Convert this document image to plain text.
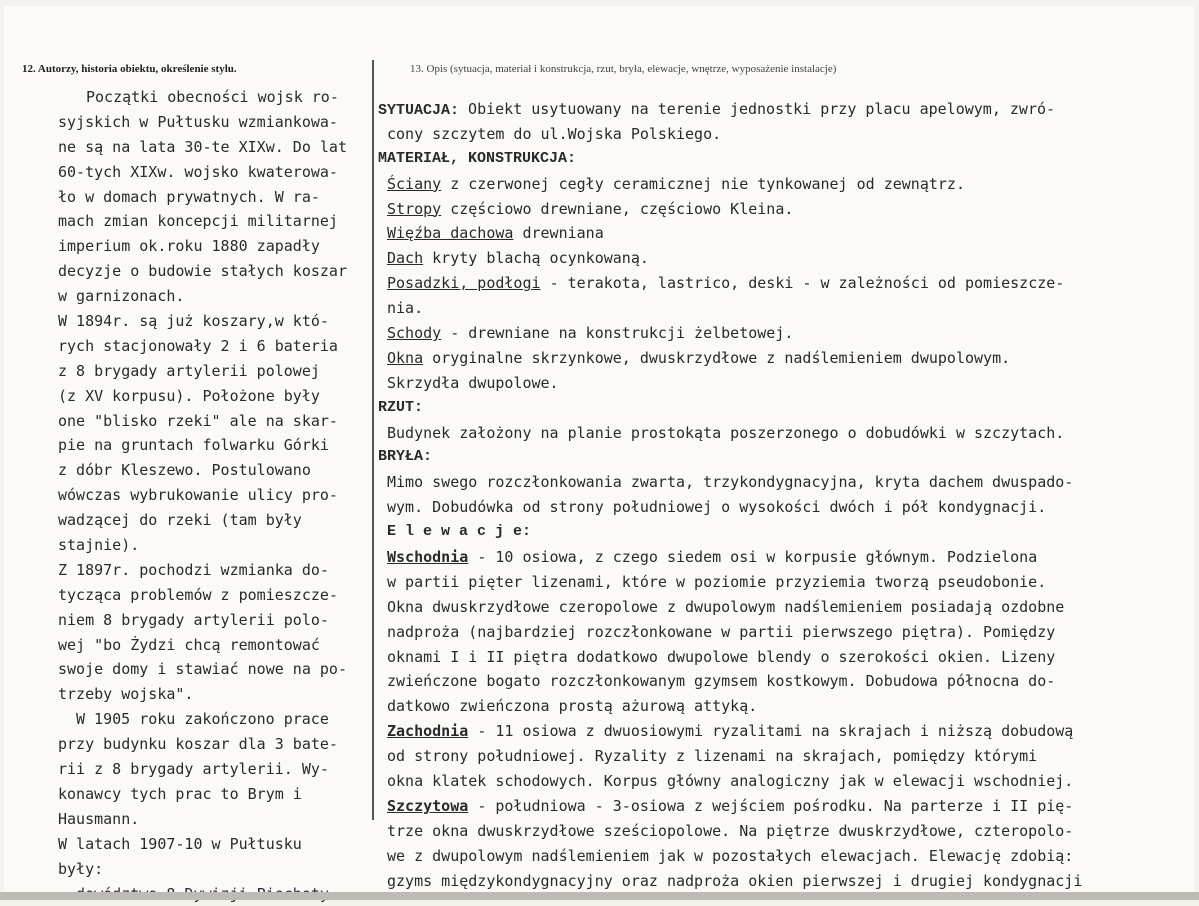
12. Autorzy, historia obiektu, określenie stylu.	13. Opis (sytuacja, materiał i konstrukcja, rzut, bryła, elewacje, wnętrze, wyposażenie instalacje)
Początki obecności wojsk ro-
syjskich w Pułtusku wzmiankowa-
ne są na lata 30-te XIXw. Do lat
60-tych XIXw. wojsko kwaterowa-
ło w domach prywatnych. W ra-
mach zmian koncepcji militarnej
imperium ok.roku 1880 zapadły
decyzje o budowie stałych koszar
w garnizonach.
W 1894r. są już koszary,w któ-
rych stacjonowały 2 i 6 bateria
z 8 brygady artylerii polowej
(z XV korpusu). Położone były
one "blisko rzeki" ale na skar-
pie na gruntach folwarku Górki
z dóbr Kleszewo. Postulowano
wówczas wybrukowanie ulicy pro-
wadzącej do rzeki (tam były
stajnie).
Z 1897r. pochodzi wzmianka do-
tycząca problemów z pomieszcze-
niem 8 brygady artylerii polo-
wej "bo Żydzi chcą remontować
swoje domy i stawiać nowe na po-
trzeby wojska".
W 1905 roku zakończono prace
przy budynku koszar dla 3 bate-
rii z 8 brygady artylerii. Wy-
konawcy tych prac to Brym i
Hausmann.
W latach 1907-10 w Pułtusku
były:
SYTUACJA: Obiekt usytuowany na terenie jednostki przy placu apelowym, zwró-
cony szczytem do ul.Wojska Polskiego.
MATERIAŁ, KONSTRUKCJA:
Ściany z czerwonej cegły ceramicznej nie tynkowanej od zewnątrz.
Stropy częściowo drewniane, częściowo Kleina.
Więźba dachowa drewniana
Dach kryty blachą ocynkowaną.
Posadzki, podłogi - terakota, lastrico, deski - w zależności od pomieszcze-
nia.
Schody - drewniane na konstrukcji żelbetowej.
Okna oryginalne skrzynkowe, dwuskrzydłowe z nadślemieniem dwupolowym.
Skrzydła dwupolowe.
RZUT:
Budynek założony na planie prostokąta poszerzonego o dobudówki w szczytach.
BRYŁA:
Mimo swego rozczłonkowania zwarta, trzykondygnacyjna, kryta dachem dwuspado-
wym. Dobudówka od strony południowej o wysokości dwóch i pół kondygnacji.
E l e w a c j e:
Wschodnia - 10 osiowa, z czego siedem osi w korpusie głównym. Podzielona
w partii pięter lizenami, które w poziomie przyziemia tworzą pseudobonie.
Okna dwuskrzydłowe czeropolowe z dwupolowym nadślemieniem posiadają ozdobne
nadproża (najbardziej rozczłonkowane w partii pierwszego piętra). Pomiędzy
oknami I i II piętra dodatkowo dwupolowe blendy o szerokości okien. Lizeny
zwieńczone bogato rozczłonkowanym gzymsem kostkowym. Dobudowa północna do-
datkowo zwieńczona prostą ażurową attyką.
Zachodnia - 11 osiowa z dwuosiowymi ryzalitami na skrajach i niższą dobudową
od strony południowej. Ryzality z lizenami na skrajach, pomiędzy którymi
okna klatek schodowych. Korpus główny analogiczny jak w elewacji wschodniej.
Szczytowa - południowa - 3-osiowa z wejściem pośrodku. Na parterze i II pię-
trze okna dwuskrzydłowe sześciopolowe. Na piętrze dwuskrzydłowe, czteropolo-
we z dwupolowym nadślemieniem jak w pozostałych elewacjach. Elewację zdobią:
gzyms międzykondygnacyjny oraz nadproża okien pierwszej i drugiej kondygnacji
